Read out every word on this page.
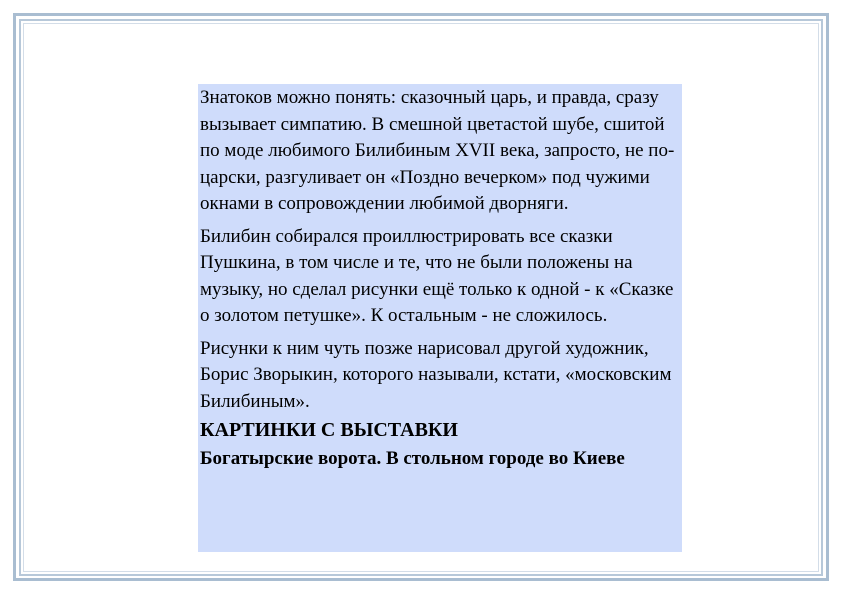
Знатоков можно понять: сказочный царь, и правда, сразу вызывает симпатию. В смешной цветастой шубе, сшитой по моде любимого Билибиным XVII века, запросто, не по-царски, разгуливает он «Поздно вечерком» под чужими окнами в сопровождении любимой дворняги.

Билибин собирался проиллюстрировать все сказки Пушкина, в том числе и те, что не были положены на музыку, но сделал рисунки ещё только к одной - к «Сказке о золотом петушке». К остальным - не сложилось.

Рисунки к ним чуть позже нарисовал другой художник, Борис Зворыкин, которого называли, кстати, «московским Билибиным».

КАРТИНКИ С ВЫСТАВКИ
Богатырские ворота. В стольном городе во Киеве
